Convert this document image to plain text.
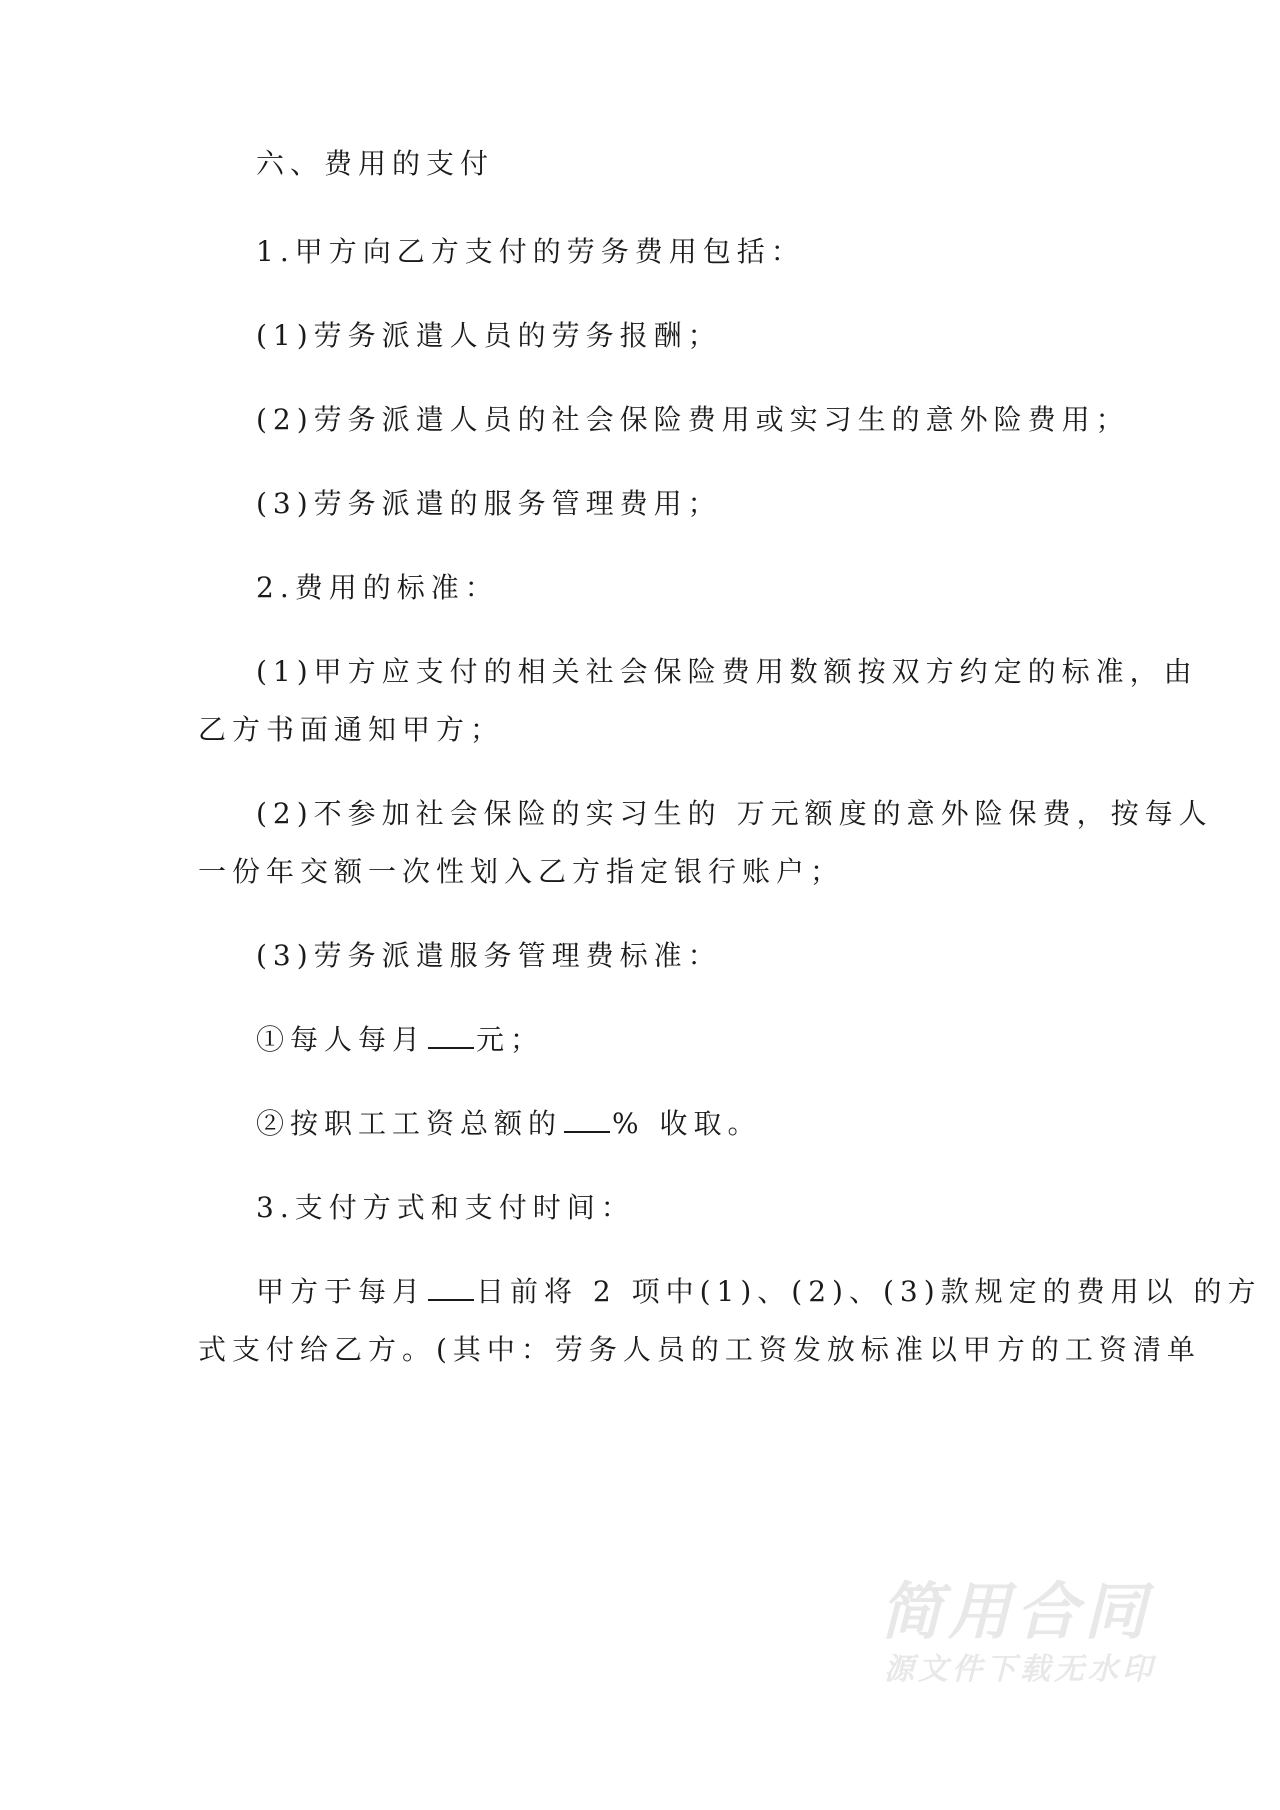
六、费用的支付
1.甲方向乙方支付的劳务费用包括：
(1)劳务派遣人员的劳务报酬；
(2)劳务派遣人员的社会保险费用或实习生的意外险费用；
(3)劳务派遣的服务管理费用；
2.费用的标准：
(1)甲方应支付的相关社会保险费用数额按双方约定的标准，由
乙方书面通知甲方；
(2)不参加社会保险的实习生的 万元额度的意外险保费，按每人
一份年交额一次性划入乙方指定银行账户；
(3)劳务派遣服务管理费标准：
①每人每月 元；
②按职工工资总额的 % 收取。
3.支付方式和支付时间：
甲方于每月 日前将 2 项中(1)、(2)、(3)款规定的费用以 的方
式支付给乙方。(其中：劳务人员的工资发放标准以甲方的工资清单
简用合同
源文件下载无水印
